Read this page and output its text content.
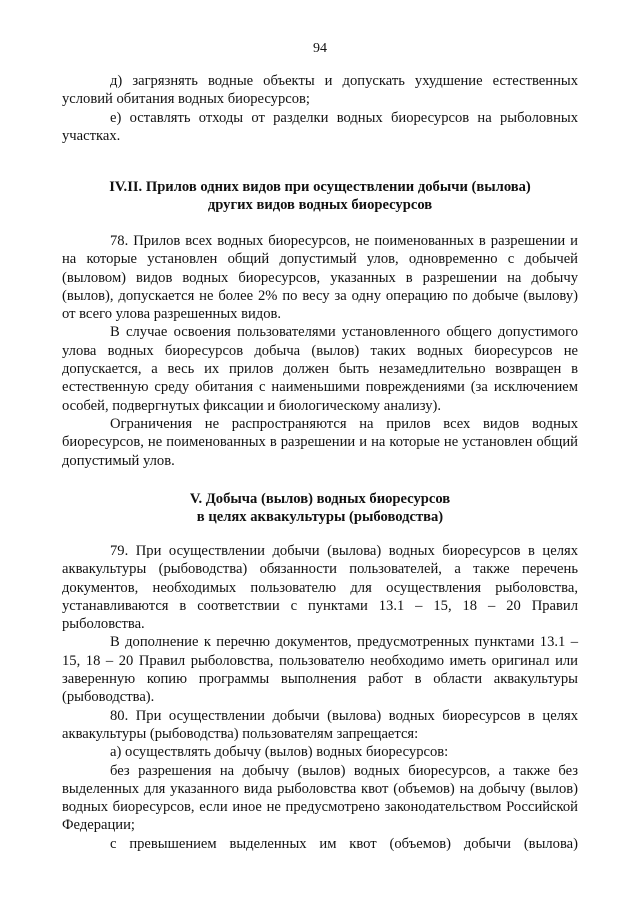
94

д) загрязнять водные объекты и допускать ухудшение естественных условий обитания водных биоресурсов;

е) оставлять отходы от разделки водных биоресурсов на рыболовных участках.

IV.II. Прилов одних видов при осуществлении добычи (вылова)
других видов водных биоресурсов

78. Прилов всех водных биоресурсов, не поименованных в разрешении и на которые установлен общий допустимый улов, одновременно с добычей (выловом) видов водных биоресурсов, указанных в разрешении на добычу (вылов), допускается не более 2% по весу за одну операцию по добыче (вылову) от всего улова разрешенных видов.

В случае освоения пользователями установленного общего допустимого улова водных биоресурсов добыча (вылов) таких водных биоресурсов не допускается, а весь их прилов должен быть незамедлительно возвращен в естественную среду обитания с наименьшими повреждениями (за исключением особей, подвергнутых фиксации и биологическому анализу).

Ограничения не распространяются на прилов всех видов водных биоресурсов, не поименованных в разрешении и на которые не установлен общий допустимый улов.

V. Добыча (вылов) водных биоресурсов
в целях аквакультуры (рыбоводства)

79. При осуществлении добычи (вылова) водных биоресурсов в целях аквакультуры (рыбоводства) обязанности пользователей, а также перечень документов, необходимых пользователю для осуществления рыболовства, устанавливаются в соответствии с пунктами 13.1 – 15, 18 – 20 Правил рыболовства.

В дополнение к перечню документов, предусмотренных пунктами 13.1 – 15, 18 – 20 Правил рыболовства, пользователю необходимо иметь оригинал или заверенную копию программы выполнения работ в области аквакультуры (рыбоводства).

80. При осуществлении добычи (вылова) водных биоресурсов в целях аквакультуры (рыбоводства) пользователям запрещается:

а) осуществлять добычу (вылов) водных биоресурсов:

без разрешения на добычу (вылов) водных биоресурсов, а также без выделенных для указанного вида рыболовства квот (объемов) на добычу (вылов) водных биоресурсов, если иное не предусмотрено законодательством Российской Федерации;

с превышением выделенных им квот (объемов) добычи (вылова)
